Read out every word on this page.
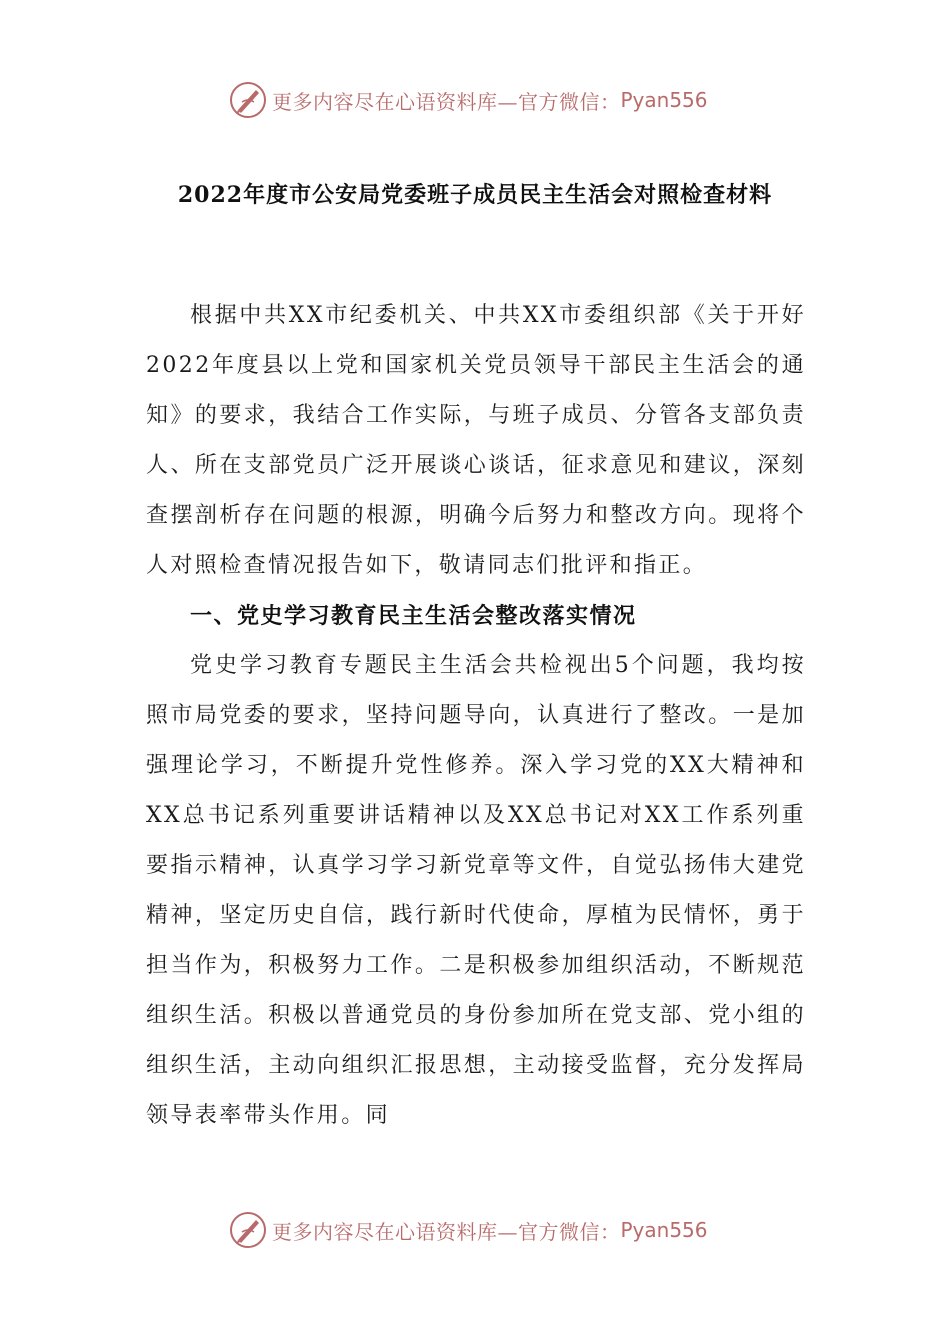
更多内容尽在心语资料库—官方微信： Pyan556
2022年度市公安局党委班子成员民主生活会对照检查材料

根据中共XX市纪委机关、中共XX市委组织部《关于开好2022年度县以上党和国家机关党员领导干部民主生活会的通知》的要求，我结合工作实际，与班子成员、分管各支部负责人、所在支部党员广泛开展谈心谈话，征求意见和建议，深刻查摆剖析存在问题的根源，明确今后努力和整改方向。现将个人对照检查情况报告如下，敬请同志们批评和指正。

一、党史学习教育民主生活会整改落实情况

党史学习教育专题民主生活会共检视出5个问题，我均按照市局党委的要求，坚持问题导向，认真进行了整改。一是加强理论学习，不断提升党性修养。深入学习党的XX大精神和XX总书记系列重要讲话精神以及XX总书记对XX工作系列重要指示精神，认真学习学习新党章等文件，自觉弘扬伟大建党精神，坚定历史自信，践行新时代使命，厚植为民情怀，勇于担当作为，积极努力工作。二是积极参加组织活动，不断规范组织生活。积极以普通党员的身份参加所在党支部、党小组的组织生活，主动向组织汇报思想，主动接受监督，充分发挥局领导表率带头作用。同

更多内容尽在心语资料库—官方微信： Pyan556
